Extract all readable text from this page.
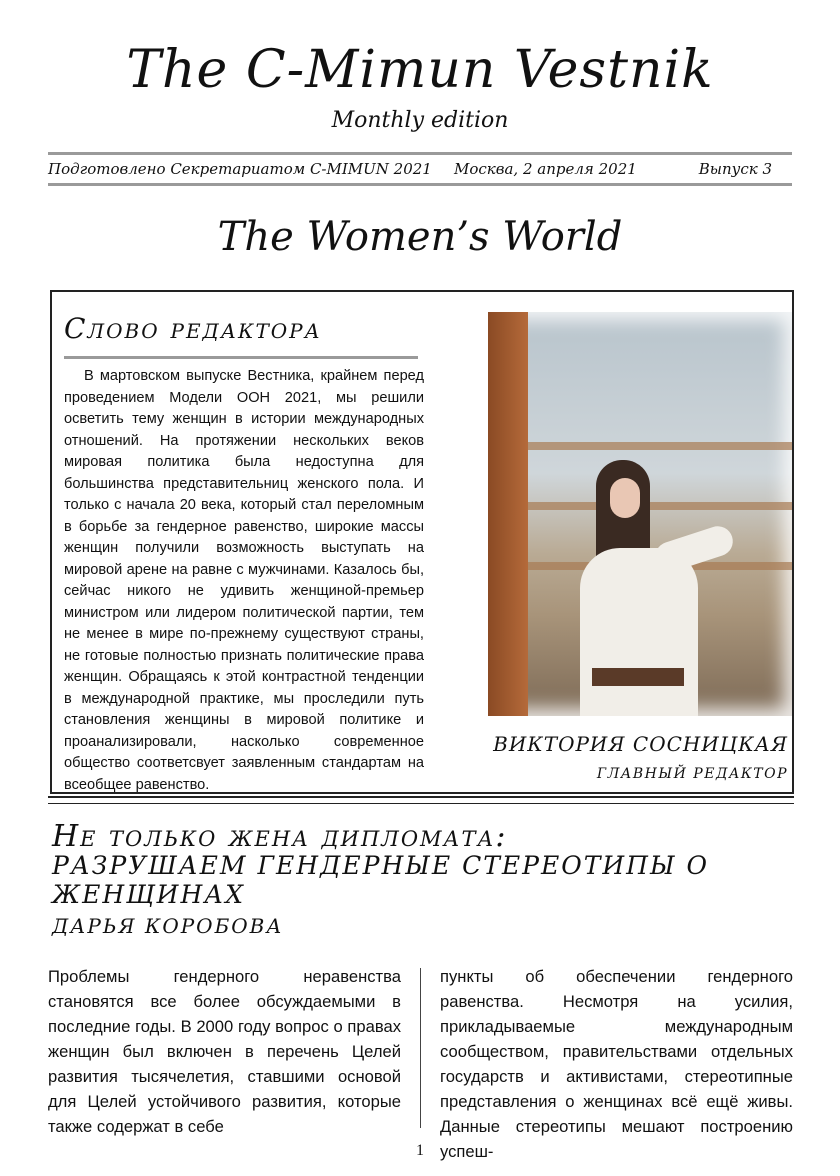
The C-Mimun Vestnik
Monthly edition
Подготовлено Секретариатом C-MIMUN 2021 Москва, 2 апреля 2021	Выпуск 3
The Women’s World
Слово редактора

В мартовском выпуске Вестника, крайнем перед проведением Модели ООН 2021, мы решили осветить тему женщин в истории международных отношений. На протяжении нескольких веков мировая политика была недоступна для большинства представительниц женского пола. И только с начала 20 века, который стал переломным в борьбе за гендерное равенство, широкие массы женщин получили возможность выступать на мировой арене на равне с мужчинами. Казалось бы, сейчас никого не удивить женщиной-премьер министром или лидером политической партии, тем не менее в мире по-прежнему существуют страны, не готовые полностью признать политические права женщин. Обращаясь к этой контрастной тенденции в международной практике, мы проследили путь становления женщины в мировой политике и проанализировали, насколько современное общество соответсвует заявленным стандартам на всеобщее равенство.

ВИКТОРИЯ СОСНИЦКАЯ
ГЛАВНЫЙ РЕДАКТОР
Не только жена дипломата:
РАЗРУШАЕМ ГЕНДЕРНЫЕ СТЕРЕОТИПЫ О ЖЕНЩИНАХ
ДАРЬЯ КОРОБОВА
Проблемы гендерного неравенства становятся все более обсуждаемыми в последние годы. В 2000 году вопрос о правах женщин был включен в перечень Целей развития тысячелетия, ставшими основой для Целей устойчивого развития, которые также содержат в себе
пункты об обеспечении гендерного равенства. Несмотря на усилия, прикладываемые международным сообществом, правительствами отдельных государств и активистами, стереотипные представления о женщинах всё ещё живы. Данные стереотипы мешают построению успеш-
1
